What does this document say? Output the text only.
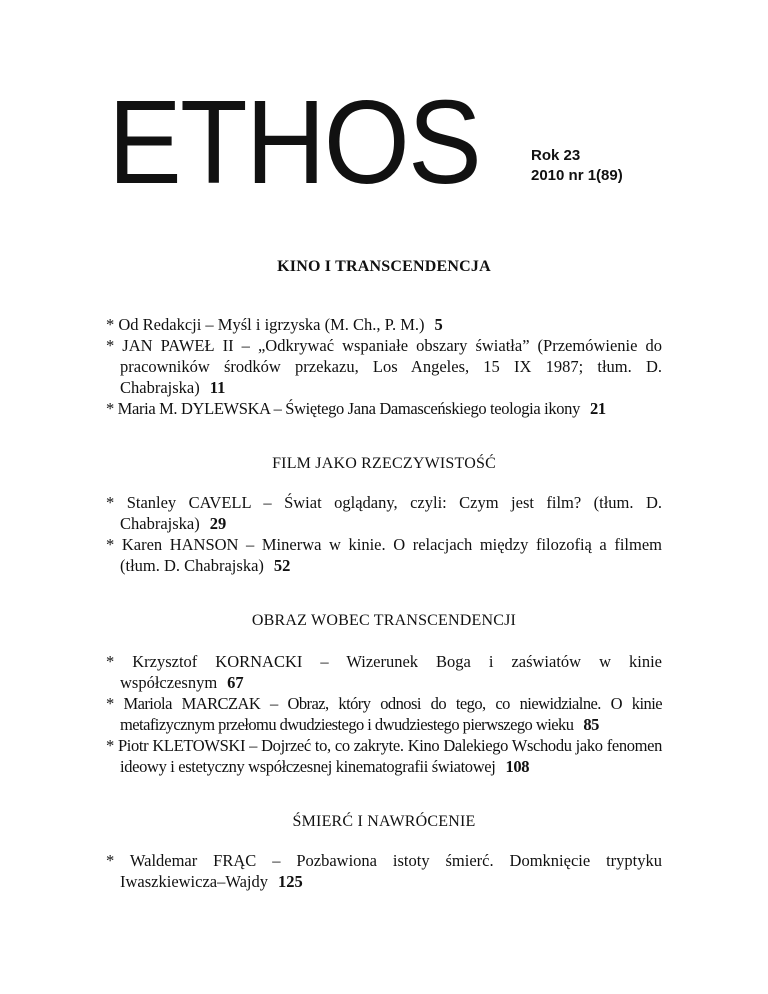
ETHOS	Rok 23
2010 nr 1(89)
KINO I TRANSCENDENCJA
* Od Redakcji – Myśl i igrzyska (M. Ch., P. M.) 5
* JAN PAWEŁ II – „Odkrywać wspaniałe obszary światła” (Przemówienie do pracowników środków przekazu, Los Angeles, 15 IX 1987; tłum. D. Chabrajska) 11
* Maria M. DYLEWSKA – Świętego Jana Damasceńskiego teologia ikony 21
FILM JAKO RZECZYWISTOŚĆ
* Stanley CAVELL – Świat oglądany, czyli: Czym jest film? (tłum. D. Chabrajska) 29
* Karen HANSON – Minerwa w kinie. O relacjach między filozofią a filmem (tłum. D. Chabrajska) 52
OBRAZ WOBEC TRANSCENDENCJI
* Krzysztof KORNACKI – Wizerunek Boga i zaświatów w kinie współczesnym 67
* Mariola MARCZAK – Obraz, który odnosi do tego, co niewidzialne. O kinie metafizycznym przełomu dwudziestego i dwudziestego pierwszego wieku 85
* Piotr KLETOWSKI – Dojrzeć to, co zakryte. Kino Dalekiego Wschodu jako fenomen ideowy i estetyczny współczesnej kinematografii światowej 108
ŚMIERĆ I NAWRÓCENIE
* Waldemar FRĄC – Pozbawiona istoty śmierć. Domknięcie tryptyku Iwaszkiewicza–Wajdy 125
